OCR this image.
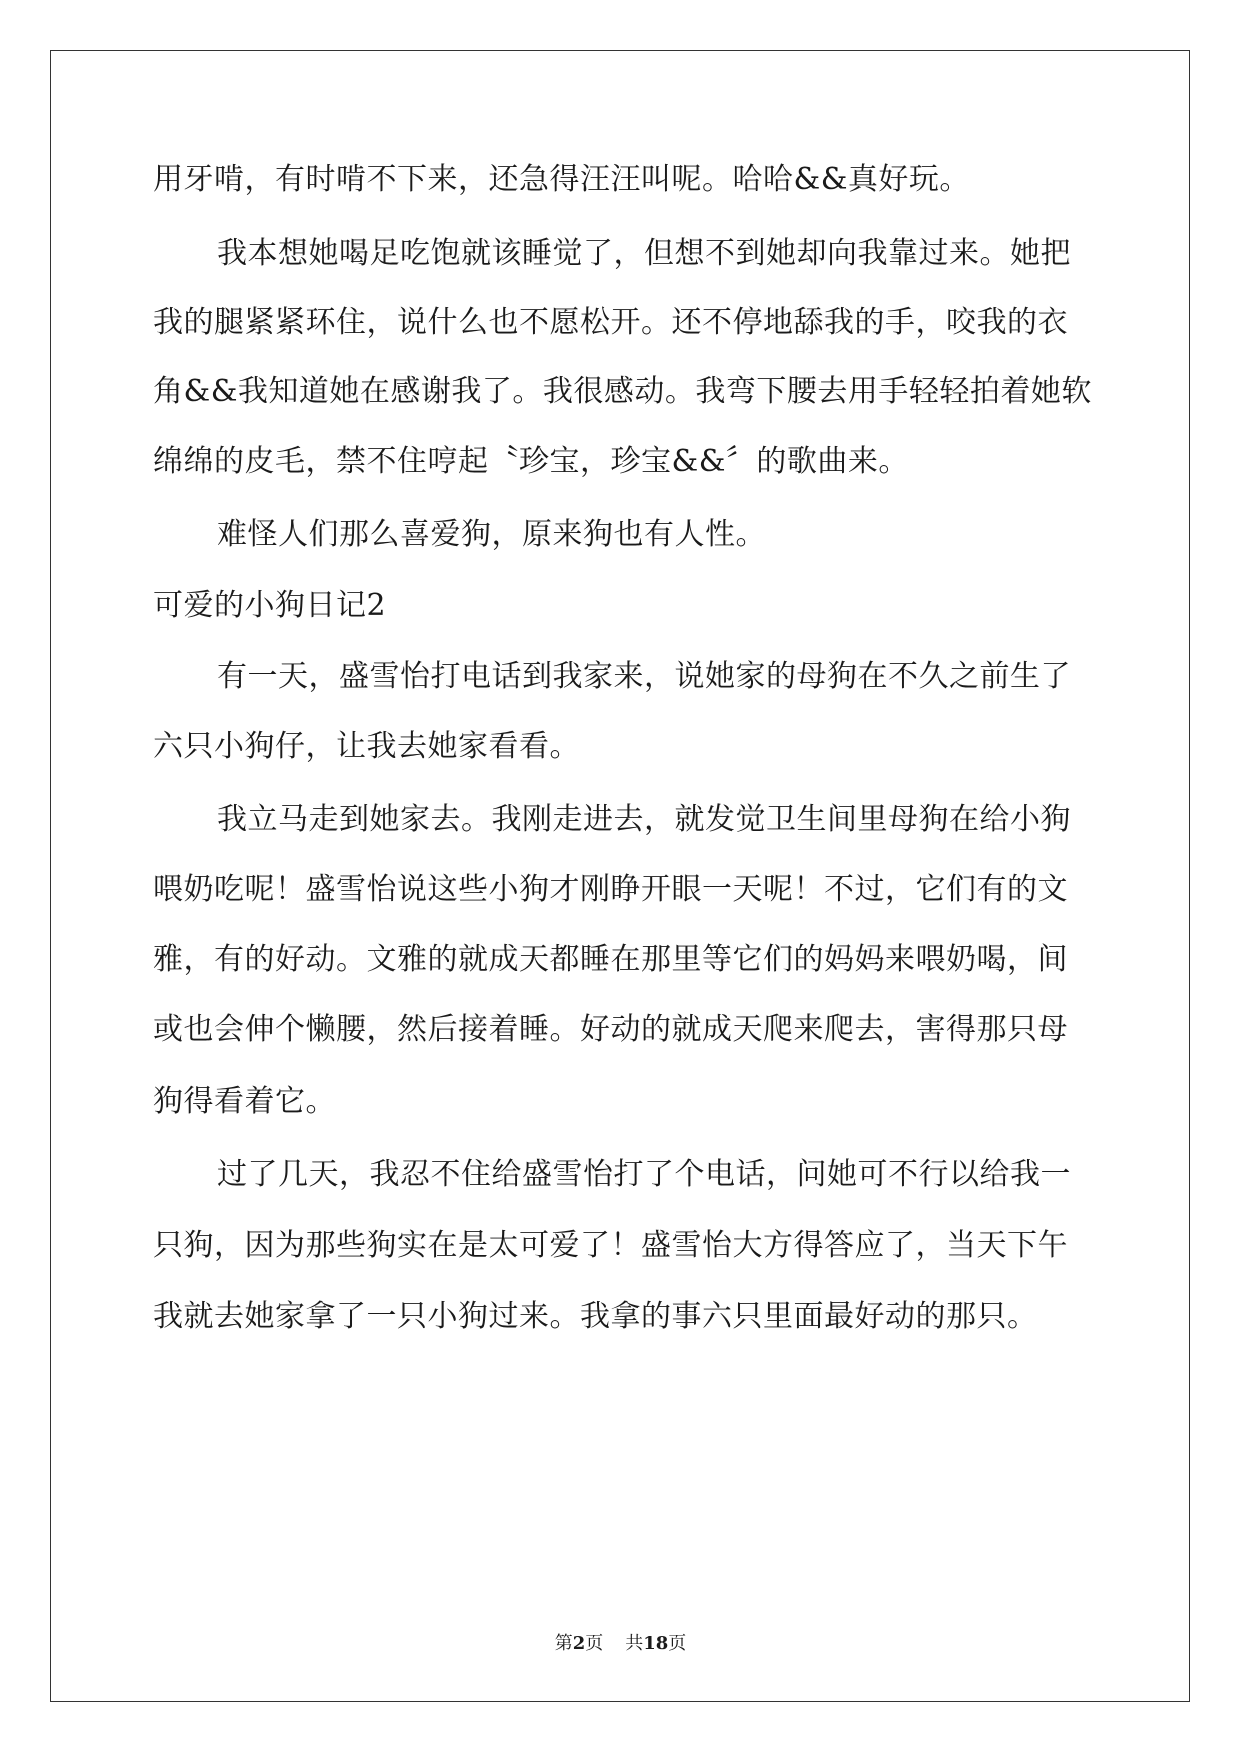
用牙啃，有时啃不下来，还急得汪汪叫呢。哈哈&&真好玩。
我本想她喝足吃饱就该睡觉了，但想不到她却向我靠过来。她把
我的腿紧紧环住，说什么也不愿松开。还不停地舔我的手，咬我的衣
角&&我知道她在感谢我了。我很感动。我弯下腰去用手轻轻拍着她软
绵绵的皮毛，禁不住哼起〝珍宝，珍宝&&〞的歌曲来。
难怪人们那么喜爱狗，原来狗也有人性。
可爱的小狗日记2
有一天，盛雪怡打电话到我家来，说她家的母狗在不久之前生了
六只小狗仔，让我去她家看看。
我立马走到她家去。我刚走进去，就发觉卫生间里母狗在给小狗
喂奶吃呢！盛雪怡说这些小狗才刚睁开眼一天呢！不过，它们有的文
雅，有的好动。文雅的就成天都睡在那里等它们的妈妈来喂奶喝，间
或也会伸个懒腰，然后接着睡。好动的就成天爬来爬去，害得那只母
狗得看着它。
过了几天，我忍不住给盛雪怡打了个电话，问她可不行以给我一
只狗，因为那些狗实在是太可爱了！盛雪怡大方得答应了，当天下午
我就去她家拿了一只小狗过来。我拿的事六只里面最好动的那只。
第2页 共18页
